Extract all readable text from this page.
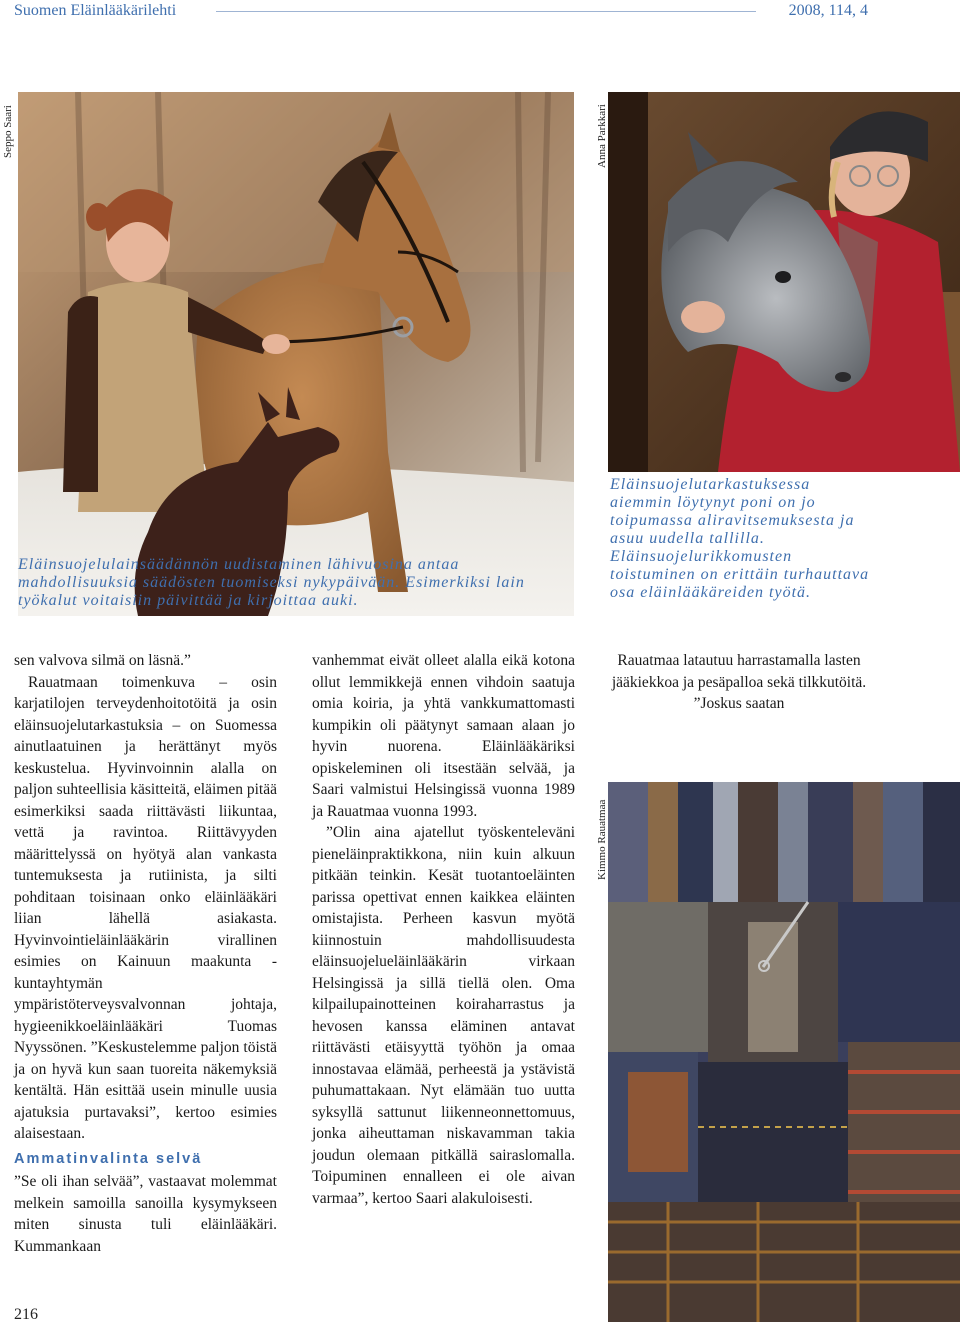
Suomen Eläinlääkärilehti	2008, 114, 4
Seppo Saari
Eläinsuojelulainsäädännön uudistaminen lähivuosina antaa mahdollisuuksia säädösten tuomiseksi nykypäivään. Esimerkiksi lain työkalut voitaisiin päivittää ja kirjoittaa auki.
Anna Parkkari
Eläinsuojelutarkastuksessa aiemmin löytynyt poni on jo toipumassa aliravitsemuksesta ja asuu uudella tallilla. Eläinsuojelurikkomusten toistuminen on erittäin turhauttava osa eläinlääkäreiden työtä.

sen valvova silmä on läsnä.”

Rauatmaan toimenkuva – osin karjatilojen terveydenhoitotöitä ja osin eläinsuojelutarkastuksia – on Suomessa ainutlaatuinen ja herättänyt myös keskustelua. Hyvinvoinnin alalla on paljon suhteellisia käsitteitä, eläimen pitää esimerkiksi saada riittävästi liikuntaa, vettä ja ravintoa. Riittävyyden määrittelyssä on hyötyä alan vankasta tuntemuksesta ja rutiinista, ja silti pohditaan toisinaan onko eläinlääkäri liian lähellä asiakasta. Hyvinvointieläinlääkärin virallinen esimies on Kainuun maakunta -kuntayhtymän ympäristöterveysvalvonnan johtaja, hygieenikkoeläinlääkäri Tuomas Nyyssönen. ”Keskustelemme paljon töistä ja on hyvä kun saan tuoreita näkemyksiä kentältä. Hän esittää usein minulle uusia ajatuksia purtavaksi”, kertoo esimies alaisestaan.

Ammatinvalinta selvä

”Se oli ihan selvää”, vastaavat molemmat melkein samoilla sanoilla kysymykseen miten sinusta tuli eläinlääkäri. Kummankaan

vanhemmat eivät olleet alalla eikä kotona ollut lemmikkejä ennen vihdoin saatuja omia koiria, ja yhtä vankkumattomasti kumpikin oli päätynyt samaan alaan jo hyvin nuorena. Eläinlääkäriksi opiskeleminen oli itsestään selvää, ja Saari valmistui Helsingissä vuonna 1989 ja Rauatmaa vuonna 1993.

”Olin aina ajatellut työskenteleväni pieneläinpraktikkona, niin kuin alkuun pitkään teinkin. Kesät tuotantoeläinten parissa opettivat ennen kaikkea eläinten omistajista. Perheen kasvun myötä kiinnostuin mahdollisuudesta eläinsuojelueläinlääkärin virkaan Helsingissä ja sillä tiellä olen. Oma kilpailupainotteinen koiraharrastus ja hevosen kanssa eläminen antavat riittävästi etäisyyttä työhön ja omaa innostavaa elämää, perheestä ja ystävistä puhumattakaan. Nyt elämään tuo uutta syksyllä sattunut liikenneonnettomuus, jonka aiheuttaman niskavamman takia joudun olemaan pitkällä sairaslomalla. Toipuminen ennalleen ei ole aivan varmaa”, kertoo Saari alakuloisesti.

Rauatmaa latautuu harrastamalla lasten jääkiekkoa ja pesäpalloa sekä tilkkutöitä. ”Joskus saatan

Kimmo Rauatmaa
216
